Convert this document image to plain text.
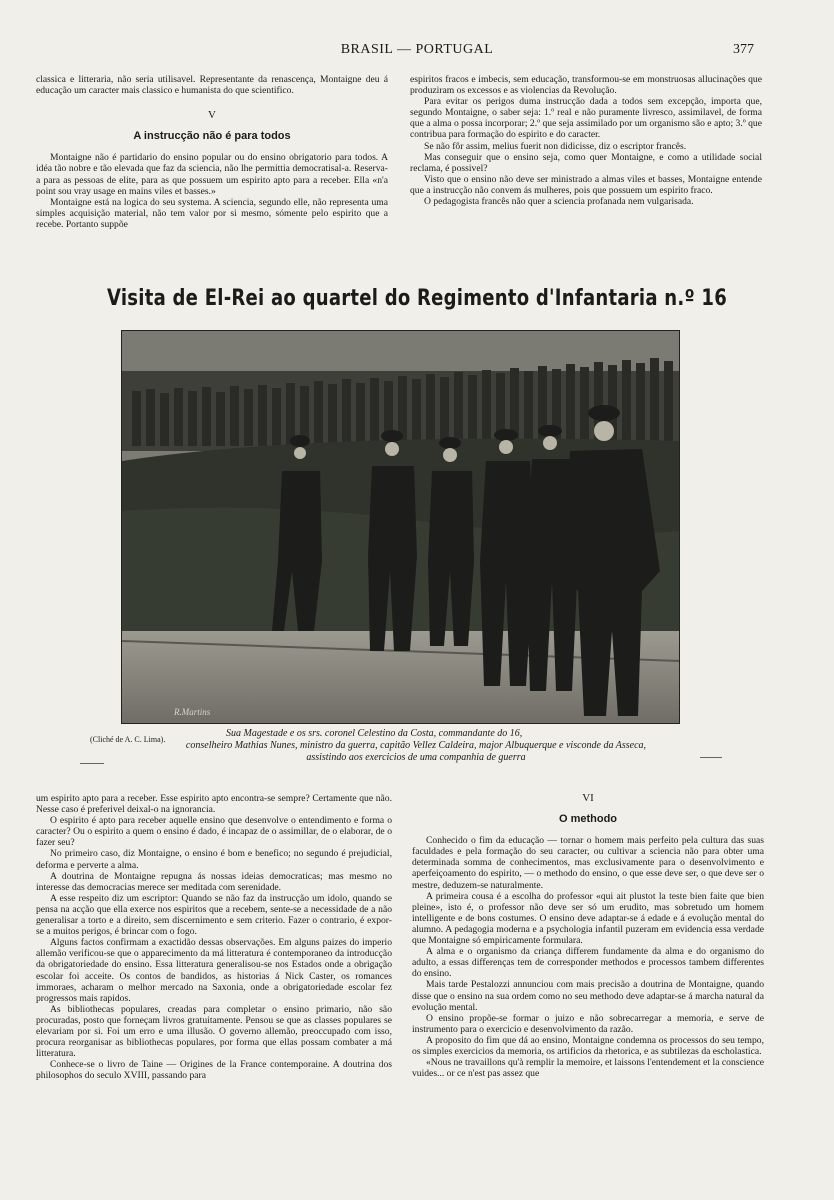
BRASIL — PORTUGAL	377

classica e litteraria, não seria utilisavel. Representante da renascença, Montaigne deu á educação um caracter mais classico e humanista do que scientifico.

V

A instrucção não é para todos

Montaigne não é partidario do ensino popular ou do ensino obrigatorio para todos. A idéa tão nobre e tão elevada que faz da sciencia, não lhe permittia democratisal-a. Reserva-a para as pessoas de elite, para as que possuem um espirito apto para a receber. Ella «n'a point sou vray usage en mains viles et basses.»

Montaigne está na logica do seu systema. A sciencia, segundo elle, não representa uma simples acquisição material, não tem valor por si mesmo, sómente pelo espirito que a recebe. Portanto suppõe

espiritos fracos e imbecis, sem educação, transformou-se em monstruosas allucinações que produziram os excessos e as violencias da Revolução.

Para evitar os perigos duma instrucção dada a todos sem excepção, importa que, segundo Montaigne, o saber seja: 1.º real e não puramente livresco, assimilavel, de forma que a alma o possa incorporar; 2.º que seja assimilado por um organismo são e apto; 3.º que contribua para formação do espirito e do caracter.

Se não fôr assim, melius fuerit non didicisse, diz o escriptor francês.

Mas conseguir que o ensino seja, como quer Montaigne, e como a utilidade social reclama, é possivel?

Visto que o ensino não deve ser ministrado a almas viles et basses, Montaigne entende que a instrucção não convem ás mulheres, pois que possuem um espirito fraco.

O pedagogista francês não quer a sciencia profanada nem vulgarisada.

Visita de El-Rei ao quartel do Regimento d'Infantaria n.º 16
R.Martins
(Cliché de A. C. Lima).
Sua Magestade e os srs. coronel Celestino da Costa, commandante do 16,
conselheiro Mathias Nunes, ministro da guerra, capitão Vellez Caldeira, major Albuquerque e visconde da Asseca,
assistindo aos exercicios de uma companhia de guerra

um espirito apto para a receber. Esse espirito apto encontra-se sempre? Certamente que não. Nesse caso é preferivel deixal-o na ignorancia.

O espirito é apto para receber aquelle ensino que desenvolve o entendimento e forma o caracter? Ou o espirito a quem o ensino é dado, é incapaz de o assimillar, de o elaborar, de o fazer seu?

No primeiro caso, diz Montaigne, o ensino é bom e benefico; no segundo é prejudicial, deforma e perverte a alma.

A doutrina de Montaigne repugna ás nossas ideias democraticas; mas mesmo no interesse das democracias merece ser meditada com serenidade.

A esse respeito diz um escriptor: Quando se não faz da instrucção um idolo, quando se pensa na acção que ella exerce nos espiritos que a recebem, sente-se a necessidade de a não generalisar a torto e a direito, sem discernimento e sem criterio. Fazer o contrario, é expor-se a muitos perigos, é brincar com o fogo.

Alguns factos confirmam a exactidão dessas observações. Em alguns paizes do imperio allemão verificou-se que o apparecimento da má litteratura é contemporaneo da introducção da obrigatoriedade do ensino. Essa litteratura generalisou-se nos Estados onde a obrigação escolar foi acceite. Os contos de bandidos, as historias á Nick Caster, os romances immoraes, acharam o melhor mercado na Saxonia, onde a obrigatoriedade escolar fez progressos mais rapidos.

As bibliothecas populares, creadas para completar o ensino primario, não são procuradas, posto que forneçam livros gratuitamente. Pensou se que as classes populares se elevariam por si. Foi um erro e uma illusão. O governo allemão, preoccupado com isso, procura reorganisar as bibliothecas populares, por forma que ellas possam combater a má litteratura.

Conhece-se o livro de Taine — Origines de la France contemporaine. A doutrina dos philosophos do seculo XVIII, passando para

VI

O methodo

Conhecido o fim da educação — tornar o homem mais perfeito pela cultura das suas faculdades e pela formação do seu caracter, ou cultivar a sciencia não para obter uma determinada somma de conhecimentos, mas exclusivamente para o desenvolvimento e aperfeiçoamento do espirito, — o methodo do ensino, o que esse deve ser, o que deve ser o mestre, deduzem-se naturalmente.

A primeira cousa é a escolha do professor «qui ait plustot la teste bien faite que bien pleine», isto é, o professor não deve ser só um erudito, mas sobretudo um homem intelligente e de bons costumes. O ensino deve adaptar-se á edade e á evolução mental do alumno. A pedagogia moderna e a psychologia infantil puzeram em evidencia essa verdade que Montaigne só empiricamente formulara.

A alma e o organismo da criança differem fundamente da alma e do organismo do adulto, a essas differenças tem de corresponder methodos e processos tambem differentes do ensino.

Mais tarde Pestalozzi annunciou com mais precisão a doutrina de Montaigne, quando disse que o ensino na sua ordem como no seu methodo deve adaptar-se á marcha natural da evolução mental.

O ensino propõe-se formar o juizo e não sobrecarregar a memoria, e serve de instrumento para o exercicio e desenvolvimento da razão.

A proposito do fim que dá ao ensino, Montaigne condemna os processos do seu tempo, os simples exercicios da memoria, os artificios da rhetorica, e as subtilezas da escholastica.

«Nous ne travaillons qu'à remplir la memoire, et laissons l'entendement et la conscience vuides... or ce n'est pas assez que
